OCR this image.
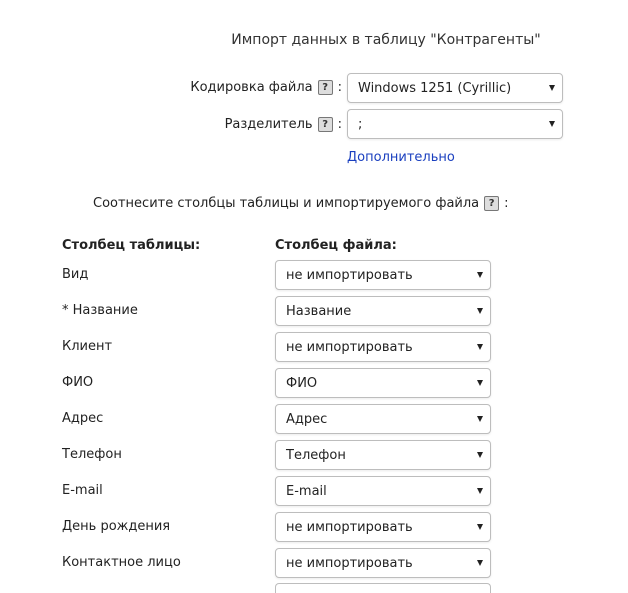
Импорт данных в таблицу "Контрагенты"
Кодировка файла ? : Windows 1251 (Cyrillic)
Разделитель ? : ;
Дополнительно
Соотнесите столбцы таблицы и импортируемого файла ? :
Столбец таблицы:	Столбец файла:
Вид	не импортировать
* Название	Название
Клиент	не импортировать
ФИО	ФИО
Адрес	Адрес
Телефон	Телефон
E-mail	E-mail
День рождения	не импортировать
Контактное лицо	не импортировать
